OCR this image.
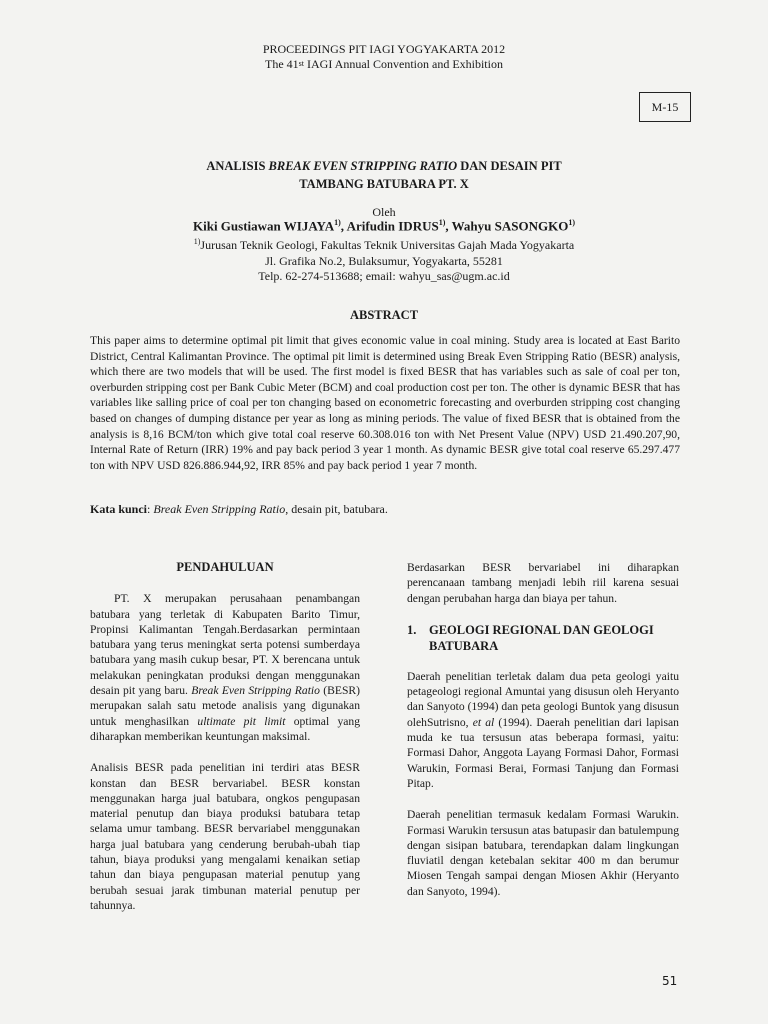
PROCEEDINGS PIT IAGI YOGYAKARTA 2012
The 41st IAGI Annual Convention and Exhibition
M-15
ANALISIS BREAK EVEN STRIPPING RATIO DAN DESAIN PIT
TAMBANG BATUBARA PT. X
Oleh
Kiki Gustiawan WIJAYA$^{1)}$, Arifudin IDRUS$^{1)}$, Wahyu SASONGKO$^{1)}$
$^{1)}$Jurusan Teknik Geologi, Fakultas Teknik Universitas Gajah Mada Yogyakarta
Jl. Grafika No.2, Bulaksumur, Yogyakarta, 55281
Telp. 62-274-513688; email: wahyu_sas@ugm.ac.id
ABSTRACT
This paper aims to determine optimal pit limit that gives economic value in coal mining. Study area is located at East Barito District, Central Kalimantan Province. The optimal pit limit is determined using Break Even Stripping Ratio (BESR) analysis, which there are two models that will be used. The first model is fixed BESR that has variables such as sale of coal per ton, overburden stripping cost per Bank Cubic Meter (BCM) and coal production cost per ton. The other is dynamic BESR that has variables like salling price of coal per ton changing based on econometric forecasting and overburden stripping cost changing based on changes of dumping distance per year as long as mining periods. The value of fixed BESR that is obtained from the analysis is 8,16 BCM/ton which give total coal reserve 60.308.016 ton with Net Present Value (NPV) USD 21.490.207,90, Internal Rate of Return (IRR) 19% and pay back period 3 year 1 month. As dynamic BESR give total coal reserve 65.297.477 ton with NPV USD 826.886.944,92, IRR 85% and pay back period 1 year 7 month.
Kata kunci: Break Even Stripping Ratio, desain pit, batubara.

PENDAHULUAN

PT. X merupakan perusahaan penambangan batubara yang terletak di Kabupaten Barito Timur, Propinsi Kalimantan Tengah.Berdasarkan permintaan batubara yang terus meningkat serta potensi sumberdaya batubara yang masih cukup besar, PT. X berencana untuk melakukan peningkatan produksi dengan menggunakan desain pit yang baru. Break Even Stripping Ratio (BESR) merupakan salah satu metode analisis yang digunakan untuk menghasilkan ultimate pit limit optimal yang diharapkan memberikan keuntungan maksimal.

Analisis BESR pada penelitian ini terdiri atas BESR konstan dan BESR bervariabel. BESR konstan menggunakan harga jual batubara, ongkos pengupasan material penutup dan biaya produksi batubara tetap selama umur tambang. BESR bervariabel menggunakan harga jual batubara yang cenderung berubah-ubah tiap tahun, biaya produksi yang mengalami kenaikan setiap tahun dan biaya pengupasan material penutup yang berubah sesuai jarak timbunan material penutup per tahunnya.

Berdasarkan BESR bervariabel ini diharapkan perencanaan tambang menjadi lebih riil karena sesuai dengan perubahan harga dan biaya per tahun.

1.	GEOLOGI REGIONAL DAN GEOLOGI BATUBARA

Daerah penelitian terletak dalam dua peta geologi yaitu petageologi regional Amuntai yang disusun oleh Heryanto dan Sanyoto (1994) dan peta geologi Buntok yang disusun olehSutrisno, et al (1994). Daerah penelitian dari lapisan muda ke tua tersusun atas beberapa formasi, yaitu: Formasi Dahor, Anggota Layang Formasi Dahor, Formasi Warukin, Formasi Berai, Formasi Tanjung dan Formasi Pitap.

Daerah penelitian termasuk kedalam Formasi Warukin. Formasi Warukin tersusun atas batupasir dan batulempung dengan sisipan batubara, terendapkan dalam lingkungan fluviatil dengan ketebalan sekitar 400 m dan berumur Miosen Tengah sampai dengan Miosen Akhir (Heryanto dan Sanyoto, 1994).

51
